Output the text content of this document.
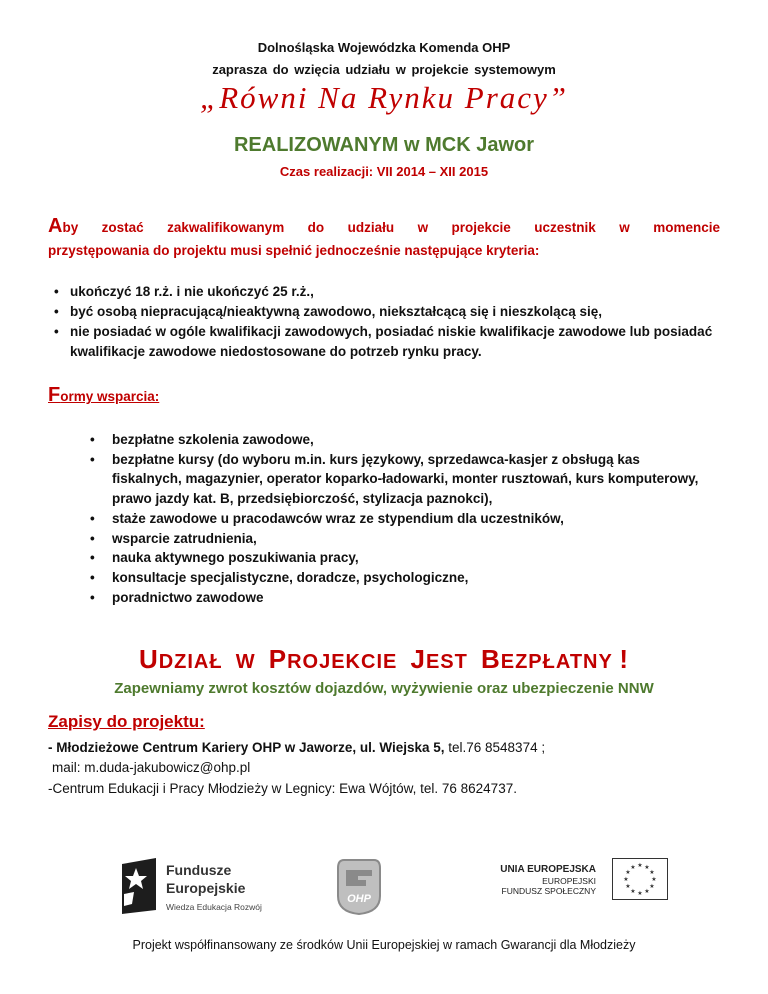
Dolnośląska Wojewódzka Komenda OHP
zaprasza do wzięcia udziału w projekcie systemowym
„Równi Na Rynku Pracy”
REALIZOWANYM w MCK Jawor
Czas realizacji: VII 2014 – XII 2015
Aby zostać zakwalifikowanym do udziału w projekcie uczestnik w momencie
przystępowania do projektu musi spełnić jednocześnie następujące kryteria:
• ukończyć 18 r.ż. i nie ukończyć 25 r.ż.,
• być osobą niepracującą/nieaktywną zawodowo, niekształcącą się i nieszkolącą się,
• nie posiadać w ogóle kwalifikacji zawodowych, posiadać niskie kwalifikacje zawodowe lub posiadać kwalifikacje zawodowe niedostosowane do potrzeb rynku pracy.
Formy wsparcia:
• bezpłatne szkolenia zawodowe,
• bezpłatne kursy (do wyboru m.in. kurs językowy, sprzedawca-kasjer z obsługą kas fiskalnych, magazynier, operator koparko-ładowarki, monter rusztowań, kurs komputerowy, prawo jazdy kat. B, przedsiębiorczość, stylizacja paznokci),
• staże zawodowe u pracodawców wraz ze stypendium dla uczestników,
• wsparcie zatrudnienia,
• nauka aktywnego poszukiwania pracy,
• konsultacje specjalistyczne, doradcze, psychologiczne,
• poradnictwo zawodowe
UDZIAŁ W PROJEKCIE JEST BEZPŁATNY !
Zapewniamy zwrot kosztów dojazdów, wyżywienie oraz ubezpieczenie NNW
Zapisy do projektu:
- Młodzieżowe Centrum Kariery OHP w Jaworze, ul. Wiejska 5, tel.76 8548374 ;
mail: m.duda-jakubowicz@ohp.pl
-Centrum Edukacji i Pracy Młodzieży w Legnicy: Ewa Wójtów, tel. 76 8624737.
Fundusze
Europejskie
Wiedza Edukacja Rozwój
OHP
UNIA EUROPEJSKA
EUROPEJSKI
FUNDUSZ SPOŁECZNY
★ ★
★
★
★
★
★
★
★
★
★
★
Projekt współfinansowany ze środków Unii Europejskiej w ramach Gwarancji dla Młodzieży
